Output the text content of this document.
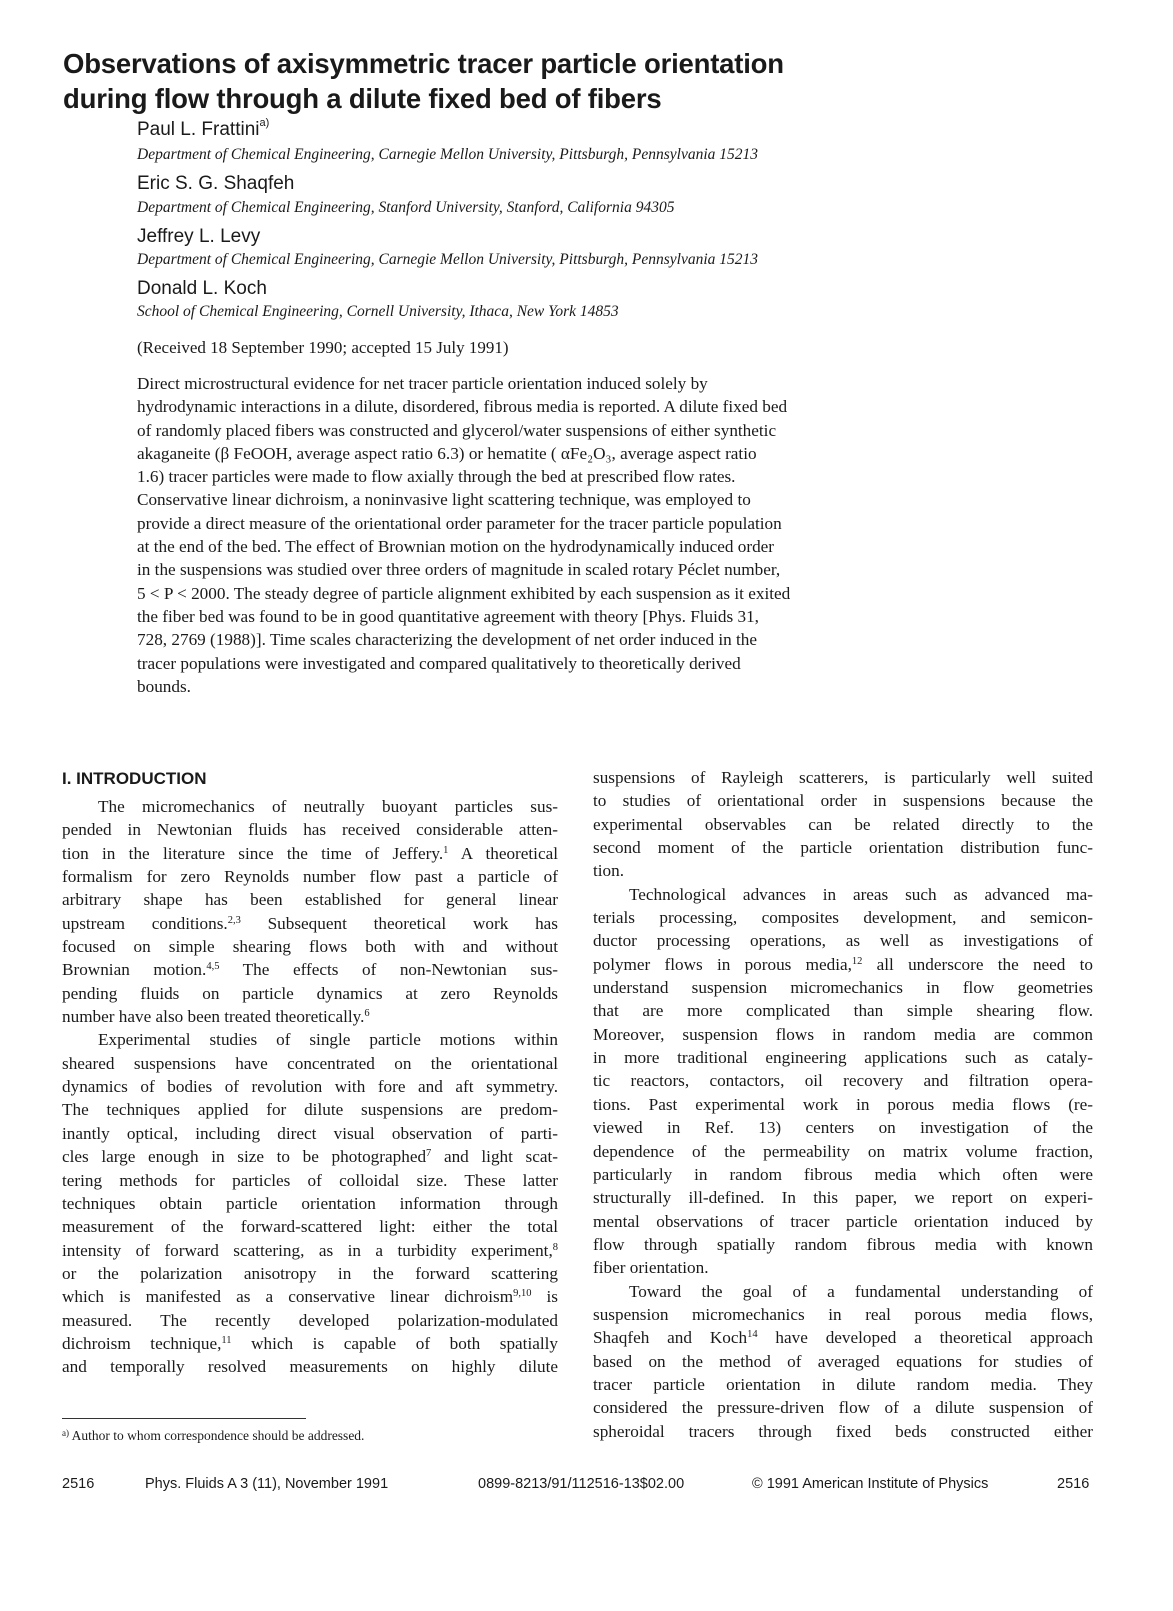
Observations of axisymmetric tracer particle orientation
during flow through a dilute fixed bed of fibers
Paul L. Frattini$^{a)}$
Department of Chemical Engineering, Carnegie Mellon University, Pittsburgh, Pennsylvania 15213
Eric S. G. Shaqfeh
Department of Chemical Engineering, Stanford University, Stanford, California 94305
Jeffrey L. Levy
Department of Chemical Engineering, Carnegie Mellon University, Pittsburgh, Pennsylvania 15213
Donald L. Koch
School of Chemical Engineering, Cornell University, Ithaca, New York 14853
(Received 18 September 1990; accepted 15 July 1991)
Direct microstructural evidence for net tracer particle orientation induced solely by
hydrodynamic interactions in a dilute, disordered, fibrous media is reported. A dilute fixed bed
of randomly placed fibers was constructed and glycerol/water suspensions of either synthetic
akaganeite (β FeOOH, average aspect ratio 6.3) or hematite ( αFe₂O₃, average aspect ratio
1.6) tracer particles were made to flow axially through the bed at prescribed flow rates.
Conservative linear dichroism, a noninvasive light scattering technique, was employed to
provide a direct measure of the orientational order parameter for the tracer particle population
at the end of the bed. The effect of Brownian motion on the hydrodynamically induced order
in the suspensions was studied over three orders of magnitude in scaled rotary Péclet number,
5 < P < 2000. The steady degree of particle alignment exhibited by each suspension as it exited
the fiber bed was found to be in good quantitative agreement with theory [Phys. Fluids 31,
728, 2769 (1988)]. Time scales characterizing the development of net order induced in the
tracer populations were investigated and compared qualitatively to theoretically derived
bounds.
I. INTRODUCTION
The micromechanics of neutrally buoyant particles sus-
pended in Newtonian fluids has received considerable atten-
tion in the literature since the time of Jeffery.$^1$ A theoretical
formalism for zero Reynolds number flow past a particle of
arbitrary shape has been established for general linear
upstream conditions.$^{2,3}$ Subsequent theoretical work has
focused on simple shearing flows both with and without
Brownian motion.$^{4,5}$ The effects of non-Newtonian sus-
pending fluids on particle dynamics at zero Reynolds
number have also been treated theoretically.$^6$
Experimental studies of single particle motions within
sheared suspensions have concentrated on the orientational
dynamics of bodies of revolution with fore and aft symmetry.
The techniques applied for dilute suspensions are predom-
inantly optical, including direct visual observation of parti-
cles large enough in size to be photographed$^7$ and light scat-
tering methods for particles of colloidal size. These latter
techniques obtain particle orientation information through
measurement of the forward-scattered light: either the total
intensity of forward scattering, as in a turbidity experiment,$^8$
or the polarization anisotropy in the forward scattering
which is manifested as a conservative linear dichroism$^{9,10}$ is
measured. The recently developed polarization-modulated
dichroism technique,$^{11}$ which is capable of both spatially
and temporally resolved measurements on highly dilute
suspensions of Rayleigh scatterers, is particularly well suited
to studies of orientational order in suspensions because the
experimental observables can be related directly to the
second moment of the particle orientation distribution func-
tion.
Technological advances in areas such as advanced ma-
terials processing, composites development, and semicon-
ductor processing operations, as well as investigations of
polymer flows in porous media,$^{12}$ all underscore the need to
understand suspension micromechanics in flow geometries
that are more complicated than simple shearing flow.
Moreover, suspension flows in random media are common
in more traditional engineering applications such as cataly-
tic reactors, contactors, oil recovery and filtration opera-
tions. Past experimental work in porous media flows (re-
viewed in Ref. 13) centers on investigation of the
dependence of the permeability on matrix volume fraction,
particularly in random fibrous media which often were
structurally ill-defined. In this paper, we report on experi-
mental observations of tracer particle orientation induced by
flow through spatially random fibrous media with known
fiber orientation.
Toward the goal of a fundamental understanding of
suspension micromechanics in real porous media flows,
Shaqfeh and Koch$^{14}$ have developed a theoretical approach
based on the method of averaged equations for studies of
tracer particle orientation in dilute random media. They
considered the pressure-driven flow of a dilute suspension of
spheroidal tracers through fixed beds constructed either
$^{a)}$ Author to whom correspondence should be addressed.
2516	Phys. Fluids A 3 (11), November 1991	0899-8213/91/112516-13$02.00	© 1991 American Institute of Physics	2516
